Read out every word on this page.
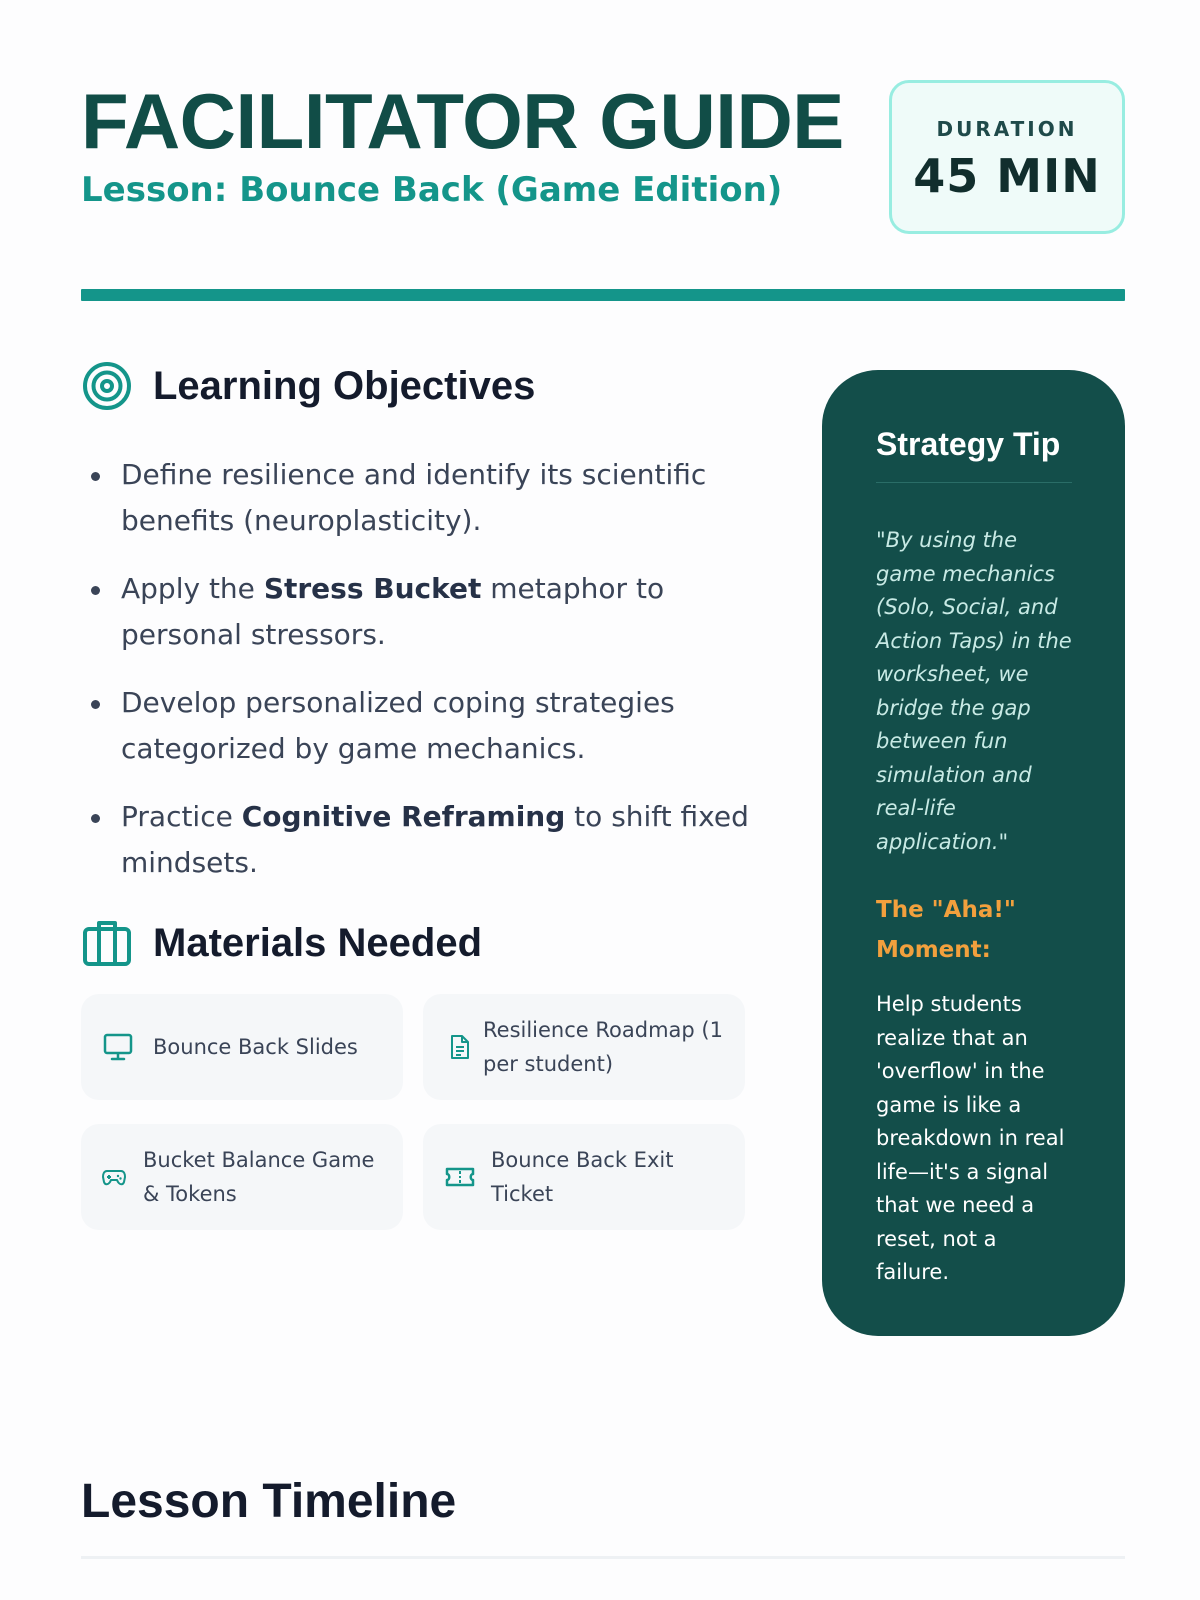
FACILITATOR GUIDE
Lesson: Bounce Back (Game Edition)
DURATION
45 MIN
Learning Objectives
Define resilience and identify its scientific benefits (neuroplasticity).
Apply the Stress Bucket metaphor to personal stressors.
Develop personalized coping strategies categorized by game mechanics.
Practice Cognitive Reframing to shift fixed mindsets.
Materials Needed
Bounce Back Slides
Resilience Roadmap (1 per student)
Bucket Balance Game & Tokens
Bounce Back Exit Ticket
Strategy Tip
"By using the game mechanics (Solo, Social, and Action Taps) in the worksheet, we bridge the gap between fun simulation and real-life application."
The "Aha!" Moment:
Help students realize that an 'overflow' in the game is like a breakdown in real life—it's a signal that we need a reset, not a failure.
Lesson Timeline
